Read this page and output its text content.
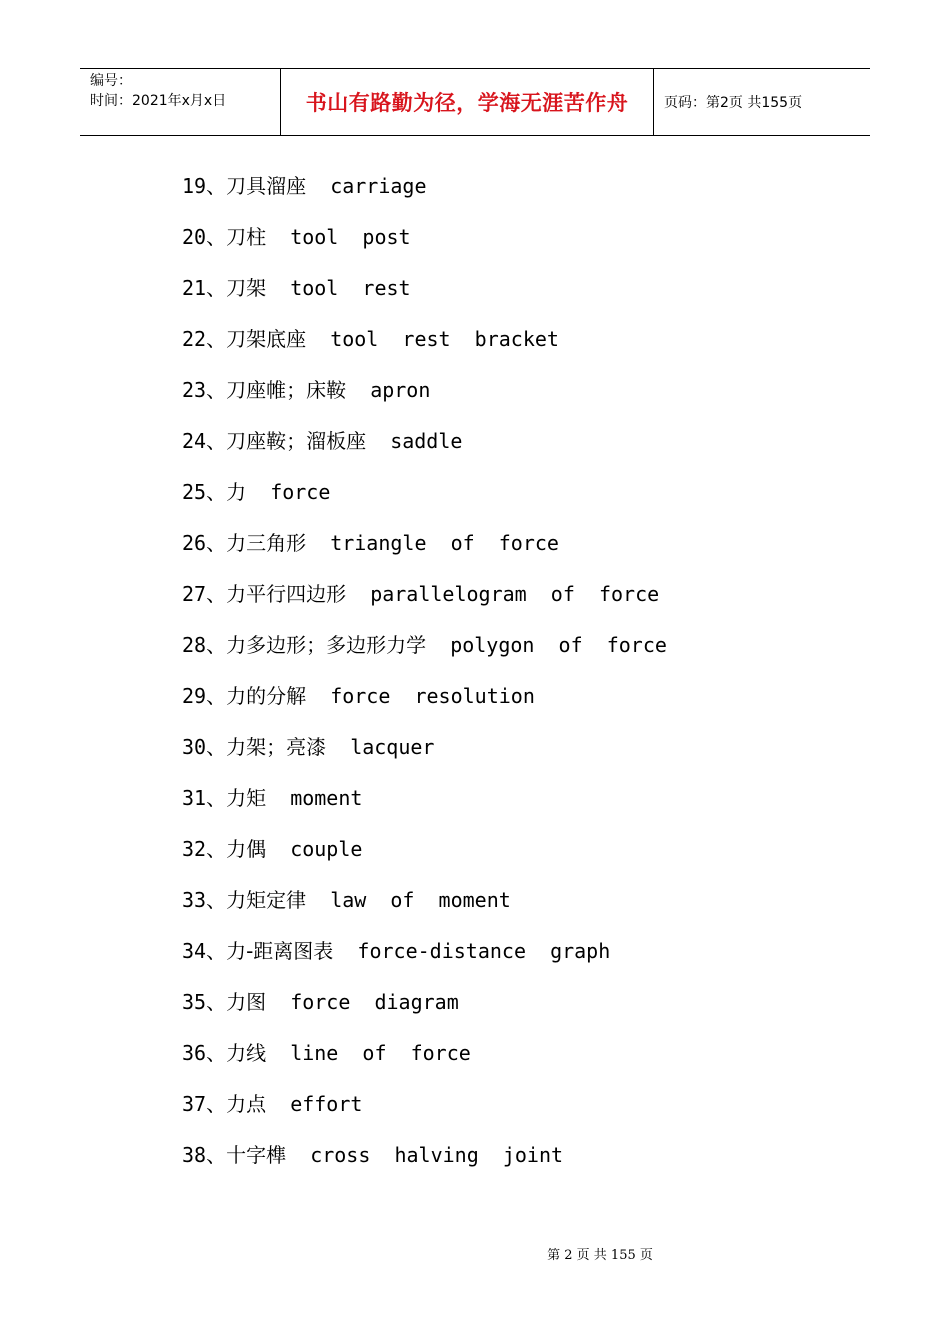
编号：
时间：2021年x月x日	书山有路勤为径，学海无涯苦作舟	页码：第2页 共155页
19、刀具溜座 carriage
20、刀柱 tool  post
21、刀架 tool  rest
22、刀架底座 tool  rest  bracket
23、刀座帷；床鞍 apron
24、刀座鞍；溜板座 saddle
25、力 force
26、力三角形 triangle  of  force
27、力平行四边形 parallelogram  of  force
28、力多边形；多边形力学 polygon  of  force
29、力的分解 force  resolution
30、力架；亮漆 lacquer
31、力矩 moment
32、力偶 couple
33、力矩定律 law  of  moment
34、力-距离图表 force-distance  graph
35、力图 force  diagram
36、力线 line  of  force
37、力点 effort
38、十字榫 cross  halving  joint
第 2 页 共 155 页
